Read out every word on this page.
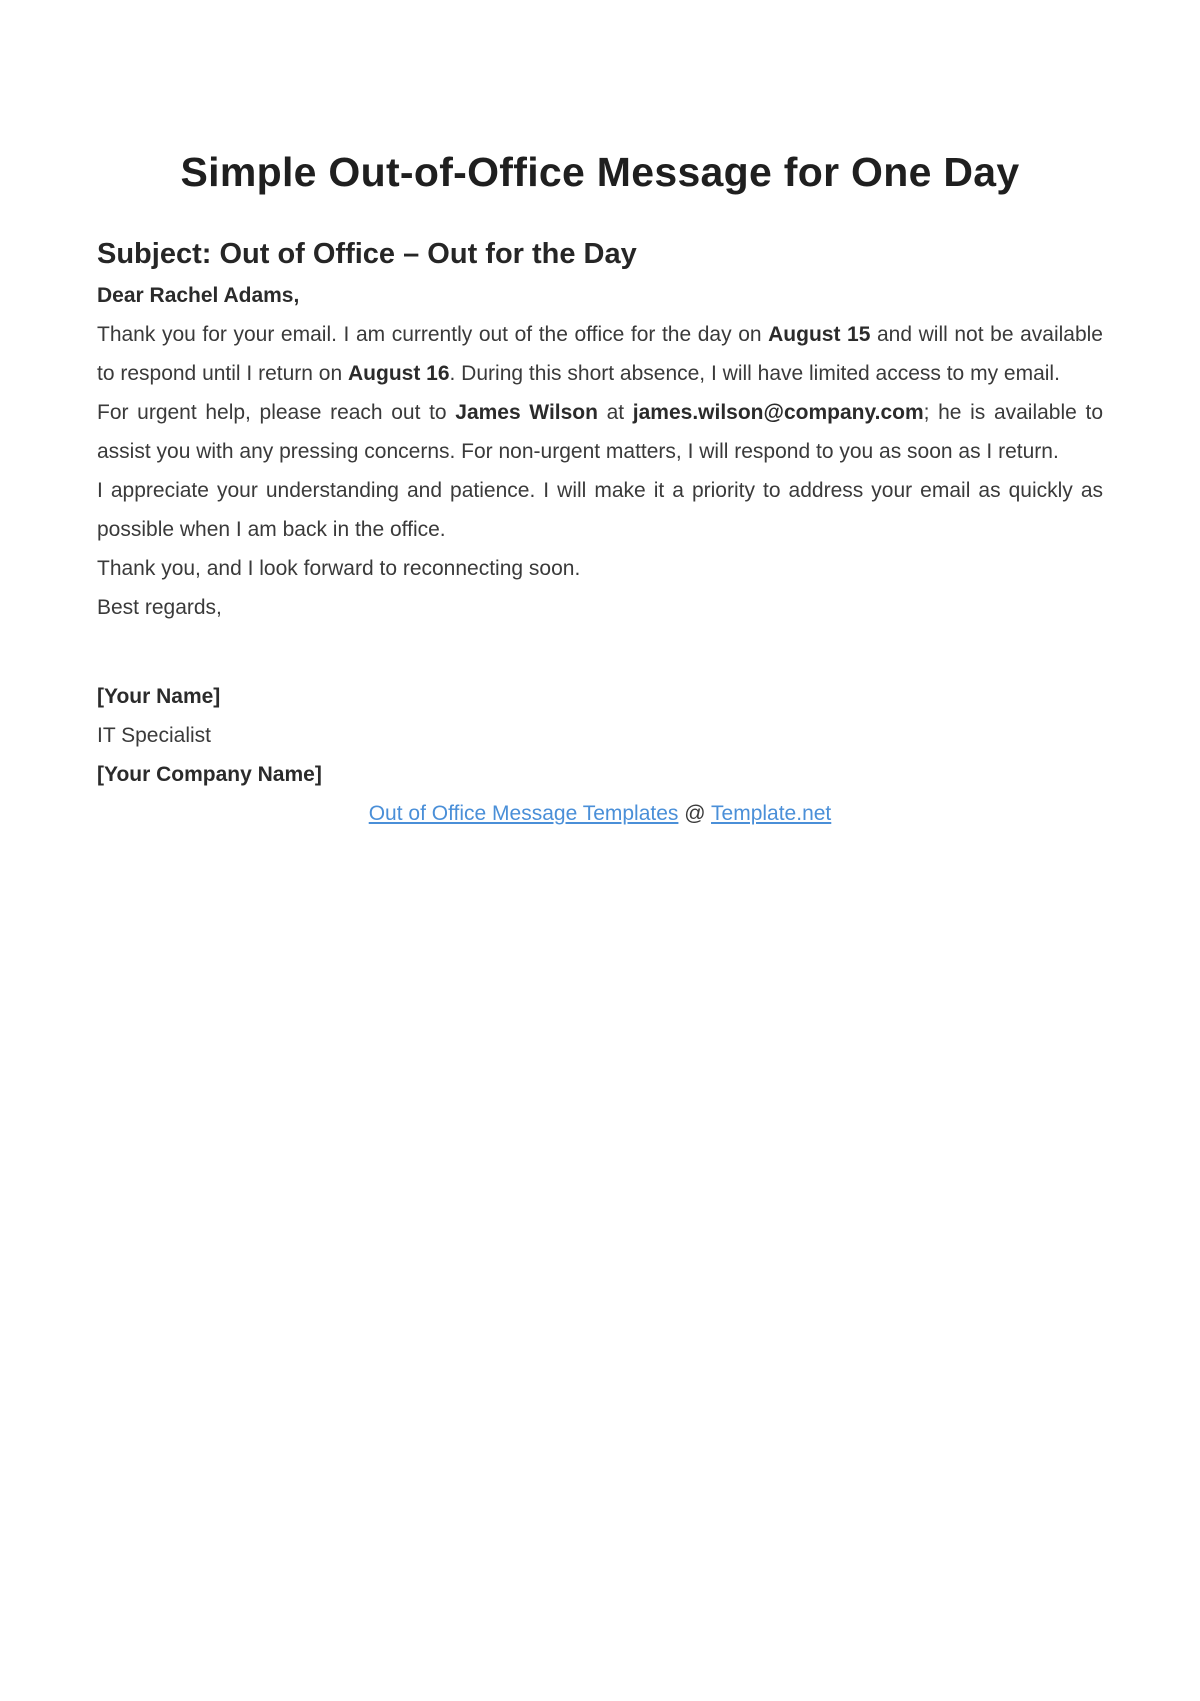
Simple Out-of-Office Message for One Day
Subject: Out of Office – Out for the Day

Dear Rachel Adams,

Thank you for your email. I am currently out of the office for the day on August 15 and will not be available to respond until I return on August 16. During this short absence, I will have limited access to my email.

For urgent help, please reach out to James Wilson at james.wilson@company.com; he is available to assist you with any pressing concerns. For non-urgent matters, I will respond to you as soon as I return.

I appreciate your understanding and patience. I will make it a priority to address your email as quickly as possible when I am back in the office.

Thank you, and I look forward to reconnecting soon.

Best regards,

[Your Name]

IT Specialist

[Your Company Name]

Out of Office Message Templates @ Template.net
